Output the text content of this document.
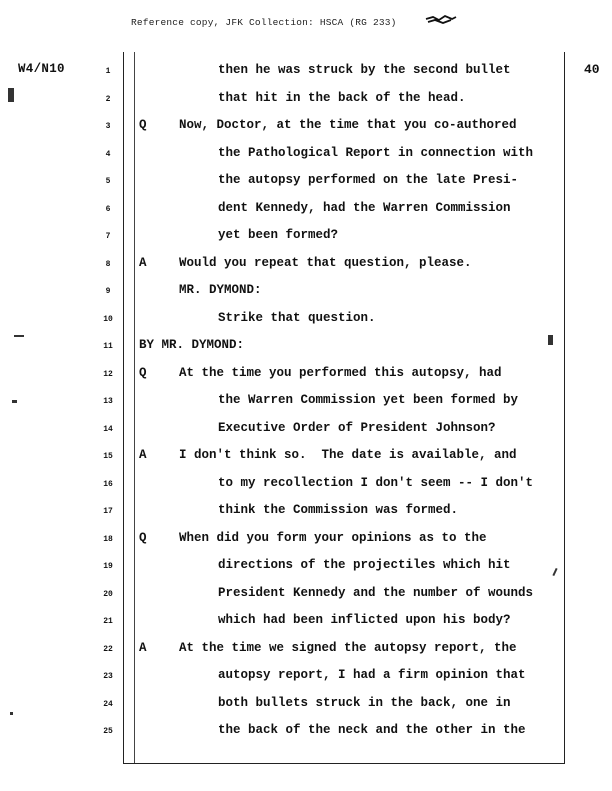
Reference copy, JFK Collection: HSCA (RG 233)
W4/N10	40
1	then he was struck by the second bullet
2	that hit in the back of the head.
3	Q	Now, Doctor, at the time that you co-authored
4	the Pathological Report in connection with
5	the autopsy performed on the late Presi-
6	dent Kennedy, had the Warren Commission
7	yet been formed?
8	A	Would you repeat that question, please.
9	MR. DYMOND:
10	Strike that question.
11	BY MR. DYMOND:
12	Q	At the time you performed this autopsy, had
13	the Warren Commission yet been formed by
14	Executive Order of President Johnson?
15	A	I don't think so.  The date is available, and
16	to my recollection I don't seem -- I don't
17	think the Commission was formed.
18	Q	When did you form your opinions as to the
19	directions of the projectiles which hit
20	President Kennedy and the number of wounds
21	which had been inflicted upon his body?
22	A	At the time we signed the autopsy report, the
23	autopsy report, I had a firm opinion that
24	both bullets struck in the back, one in
25	the back of the neck and the other in the
